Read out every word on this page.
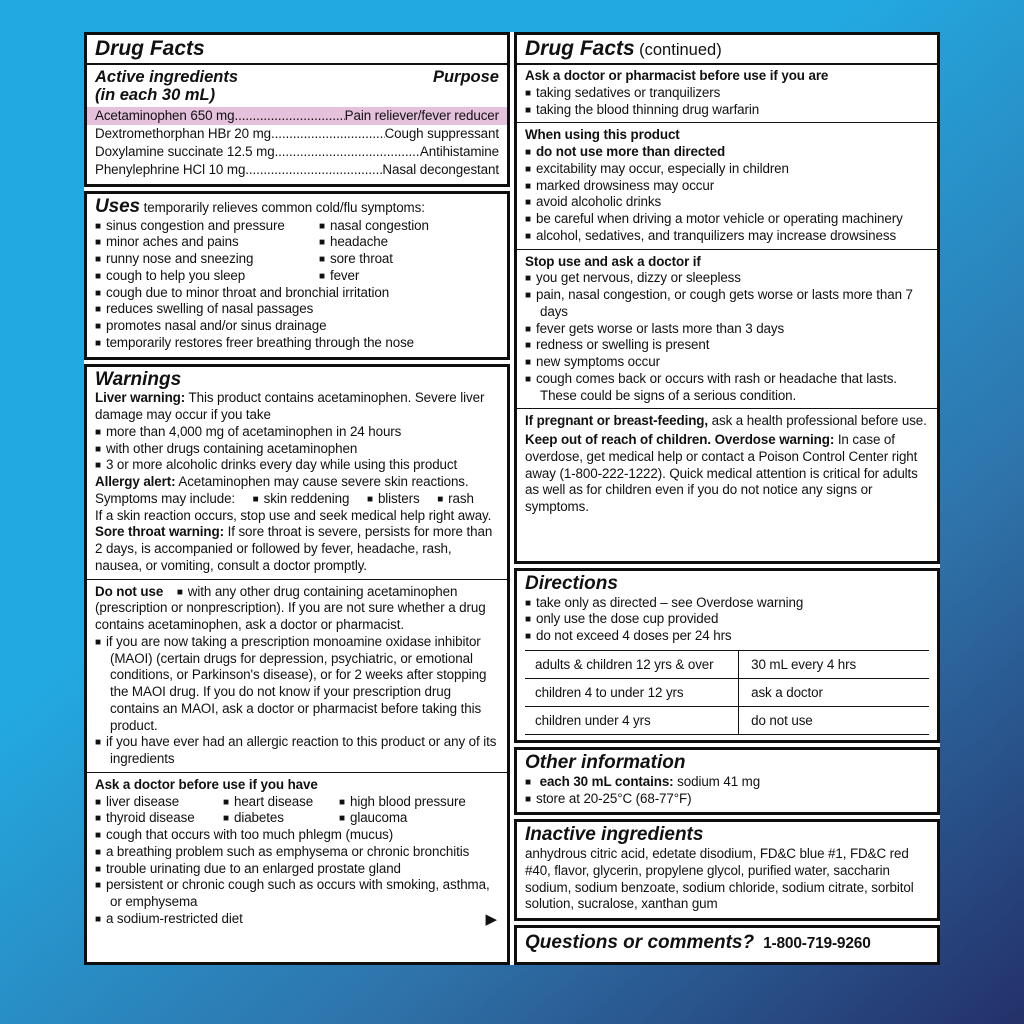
Drug Facts
Active ingredients
(in each 30 mL)
Purpose
Acetaminophen 650 mg .....	Pain reliever/fever reducer
Dextromethorphan HBr 20 mg .....	Cough suppressant
Doxylamine succinate 12.5 mg .....	Antihistamine
Phenylephrine HCl 10 mg .....	Nasal decongestant

Uses temporarily relieves common cold/flu symptoms:

■ sinus congestion and pressure	■ nasal congestion
■ minor aches and pains	■ headache
■ runny nose and sneezing	■ sore throat
■ cough to help you sleep	■ fever
■ cough due to minor throat and bronchial irritation
■ reduces swelling of nasal passages
■ promotes nasal and/or sinus drainage
■ temporarily restores freer breathing through the nose
Warnings

Liver warning: This product contains acetaminophen. Severe liver damage may occur if you take

■ more than 4,000 mg of acetaminophen in 24 hours
■ with other drugs containing acetaminophen
■ 3 or more alcoholic drinks every day while using this product

Allergy alert: Acetaminophen may cause severe skin reactions. Symptoms may include: ■ skin reddening ■ blisters ■ rash

If a skin reaction occurs, stop use and seek medical help right away.

Sore throat warning: If sore throat is severe, persists for more than 2 days, is accompanied or followed by fever, headache, rash, nausea, or vomiting, consult a doctor promptly.

Do not use ■ with any other drug containing acetaminophen (prescription or nonprescription). If you are not sure whether a drug contains acetaminophen, ask a doctor or pharmacist.

■ if you are now taking a prescription monoamine oxidase inhibitor (MAOI) (certain drugs for depression, psychiatric, or emotional conditions, or Parkinson's disease), or for 2 weeks after stopping the MAOI drug. If you do not know if your prescription drug contains an MAOI, ask a doctor or pharmacist before taking this product.
■ if you have ever had an allergic reaction to this product or any of its ingredients

Ask a doctor before use if you have

■ liver disease	■ heart disease	■ high blood pressure
■ thyroid disease	■ diabetes	■ glaucoma
■ cough that occurs with too much phlegm (mucus)
■ a breathing problem such as emphysema or chronic bronchitis
■ trouble urinating due to an enlarged prostate gland
■ persistent or chronic cough such as occurs with smoking, asthma, or emphysema
■ a sodium-restricted diet	▶
Drug Facts (continued)

Ask a doctor or pharmacist before use if you are

■ taking sedatives or tranquilizers
■ taking the blood thinning drug warfarin

When using this product

■ do not use more than directed
■ excitability may occur, especially in children
■ marked drowsiness may occur
■ avoid alcoholic drinks
■ be careful when driving a motor vehicle or operating machinery
■ alcohol, sedatives, and tranquilizers may increase drowsiness

Stop use and ask a doctor if

■ you get nervous, dizzy or sleepless
■ pain, nasal congestion, or cough gets worse or lasts more than 7 days
■ fever gets worse or lasts more than 3 days
■ redness or swelling is present
■ new symptoms occur
■ cough comes back or occurs with rash or headache that lasts. These could be signs of a serious condition.

If pregnant or breast-feeding, ask a health professional before use.

Keep out of reach of children. Overdose warning: In case of overdose, get medical help or contact a Poison Control Center right away (1-800-222-1222). Quick medical attention is critical for adults as well as for children even if you do not notice any signs or symptoms.

Directions
■ take only as directed – see Overdose warning
■ only use the dose cup provided
■ do not exceed 4 doses per 24 hrs
adults & children 12 yrs & over	30 mL every 4 hrs
children 4 to under 12 yrs	ask a doctor
children under 4 yrs	do not use
Other information
■ each 30 mL contains: sodium 41 mg
■ store at 20-25°C (68-77°F)
Inactive ingredients

anhydrous citric acid, edetate disodium, FD&C blue #1, FD&C red #40, flavor, glycerin, propylene glycol, purified water, saccharin sodium, sodium benzoate, sodium chloride, sodium citrate, sorbitol solution, sucralose, xanthan gum

Questions or comments? 1-800-719-9260
